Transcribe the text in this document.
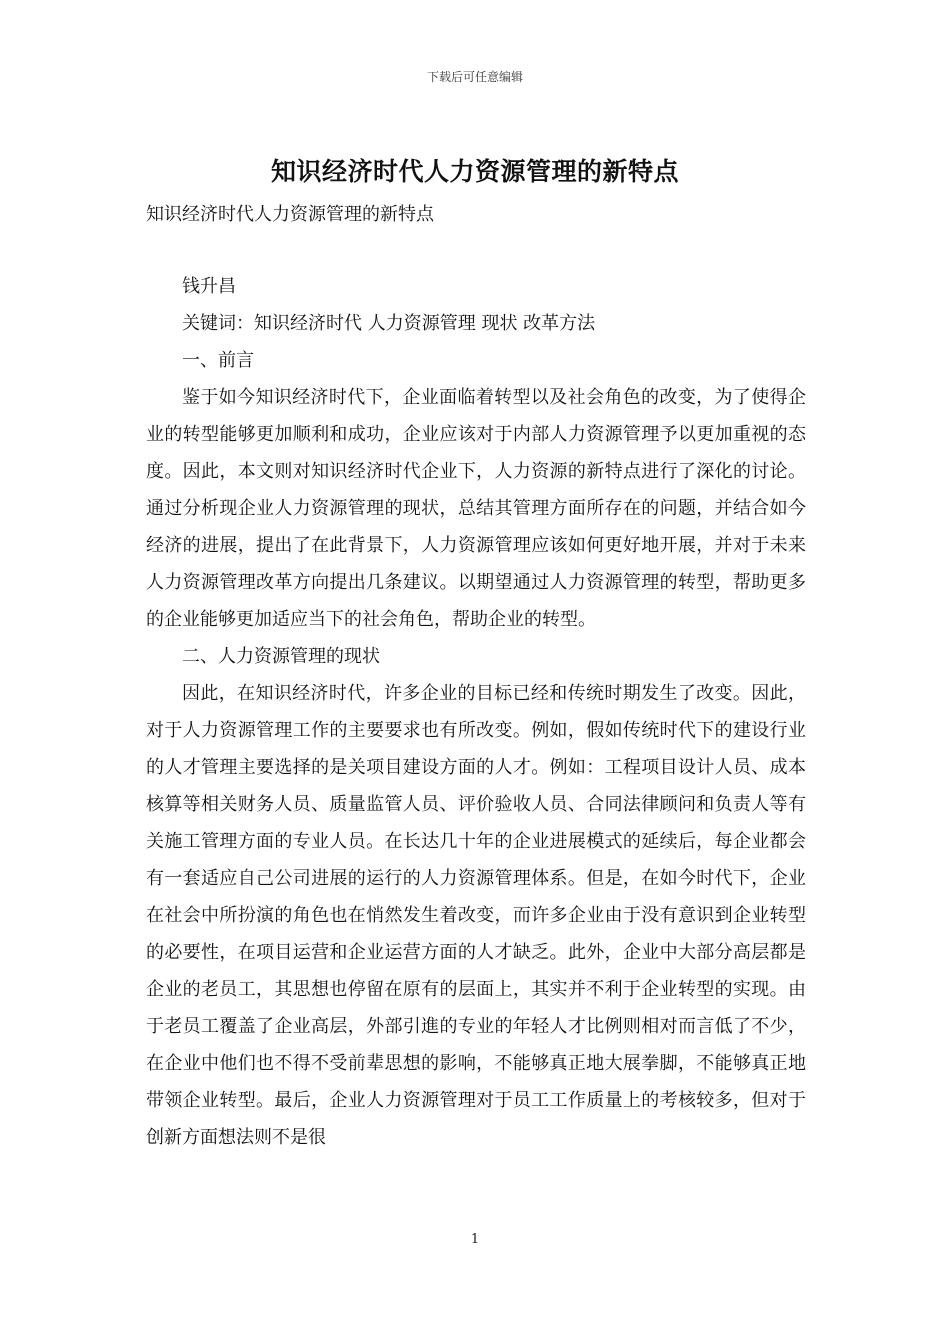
下载后可任意编辑
知识经济时代人力资源管理的新特点
知识经济时代人力资源管理的新特点

钱升昌

关键词：知识经济时代 人力资源管理 现状 改革方法

一、前言

鉴于如今知识经济时代下，企业面临着转型以及社会角色的改变，为了使得企业的转型能够更加顺利和成功，企业应该对于内部人力资源管理予以更加重视的态度。因此，本文则对知识经济时代企业下，人力资源的新特点进行了深化的讨论。通过分析现企业人力资源管理的现状，总结其管理方面所存在的问题，并结合如今经济的进展，提出了在此背景下，人力资源管理应该如何更好地开展，并对于未来人力资源管理改革方向提出几条建议。以期望通过人力资源管理的转型，帮助更多的企业能够更加适应当下的社会角色，帮助企业的转型。

二、人力资源管理的现状

因此，在知识经济时代，许多企业的目标已经和传统时期发生了改变。因此，对于人力资源管理工作的主要要求也有所改变。例如，假如传统时代下的建设行业的人才管理主要选择的是关项目建设方面的人才。例如：工程项目设计人员、成本核算等相关财务人员、质量监管人员、评价验收人员、合同法律顾问和负责人等有关施工管理方面的专业人员。在长达几十年的企业进展模式的延续后，每企业都会有一套适应自己公司进展的运行的人力资源管理体系。但是，在如今时代下，企业在社会中所扮演的角色也在悄然发生着改变，而许多企业由于没有意识到企业转型的必要性，在项目运营和企业运营方面的人才缺乏。此外，企业中大部分高层都是企业的老员工，其思想也停留在原有的层面上，其实并不利于企业转型的实现。由于老员工覆盖了企业高层，外部引進的专业的年轻人才比例则相对而言低了不少，在企业中他们也不得不受前辈思想的影响，不能够真正地大展拳脚，不能够真正地带领企业转型。最后，企业人力资源管理对于员工工作质量上的考核较多，但对于创新方面想法则不是很

1
